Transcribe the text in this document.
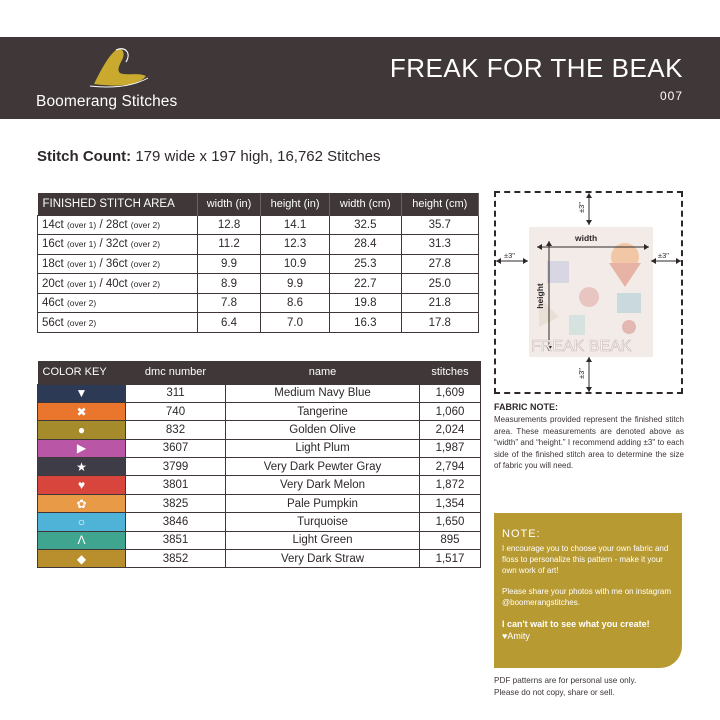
Boomerang Stitches
FREAK FOR THE BEAK
007
Stitch Count: 179 wide x 197 high, 16,762 Stitches
FINISHED STITCH AREA	width (in)	height (in)	width (cm)	height (cm)
14ct (over 1) / 28ct (over 2)	12.8	14.1	32.5	35.7
16ct (over 1) / 32ct (over 2)	11.2	12.3	28.4	31.3
18ct (over 1) / 36ct (over 2)	9.9	10.9	25.3	27.8
20ct (over 1) / 40ct (over 2)	8.9	9.9	22.7	25.0
46ct (over 2)	7.8	8.6	19.8	21.8
56ct (over 2)	6.4	7.0	16.3	17.8
COLOR KEY	dmc number	name	stitches
▼	311	Medium Navy Blue	1,609
✖	740	Tangerine	1,060
●	832	Golden Olive	2,024
▶	3607	Light Plum	1,987
★	3799	Very Dark Pewter Gray	2,794
♥	3801	Very Dark Melon	1,872
✿	3825	Pale Pumpkin	1,354
○	3846	Turquoise	1,650
Λ	3851	Light Green	895
◆	3852	Very Dark Straw	1,517
FREAK BEAK
width
height
±3"
±3"
±3"	±3"
FABRIC NOTE:
Measurements provided represent the finished stitch area. These measurements are denoted above as “width” and “height.” I recommend adding ±3" to each side of the finished stitch area to determine the size of fabric you will need.
NOTE:
I encourage you to choose your own fabric and floss to personalize this pattern - make it your own work of art!
Please share your photos with me on instagram @boomerangstitches.
I can't wait to see what you create!
♥Amity
PDF patterns are for personal use only.
Please do not copy, share or sell.
